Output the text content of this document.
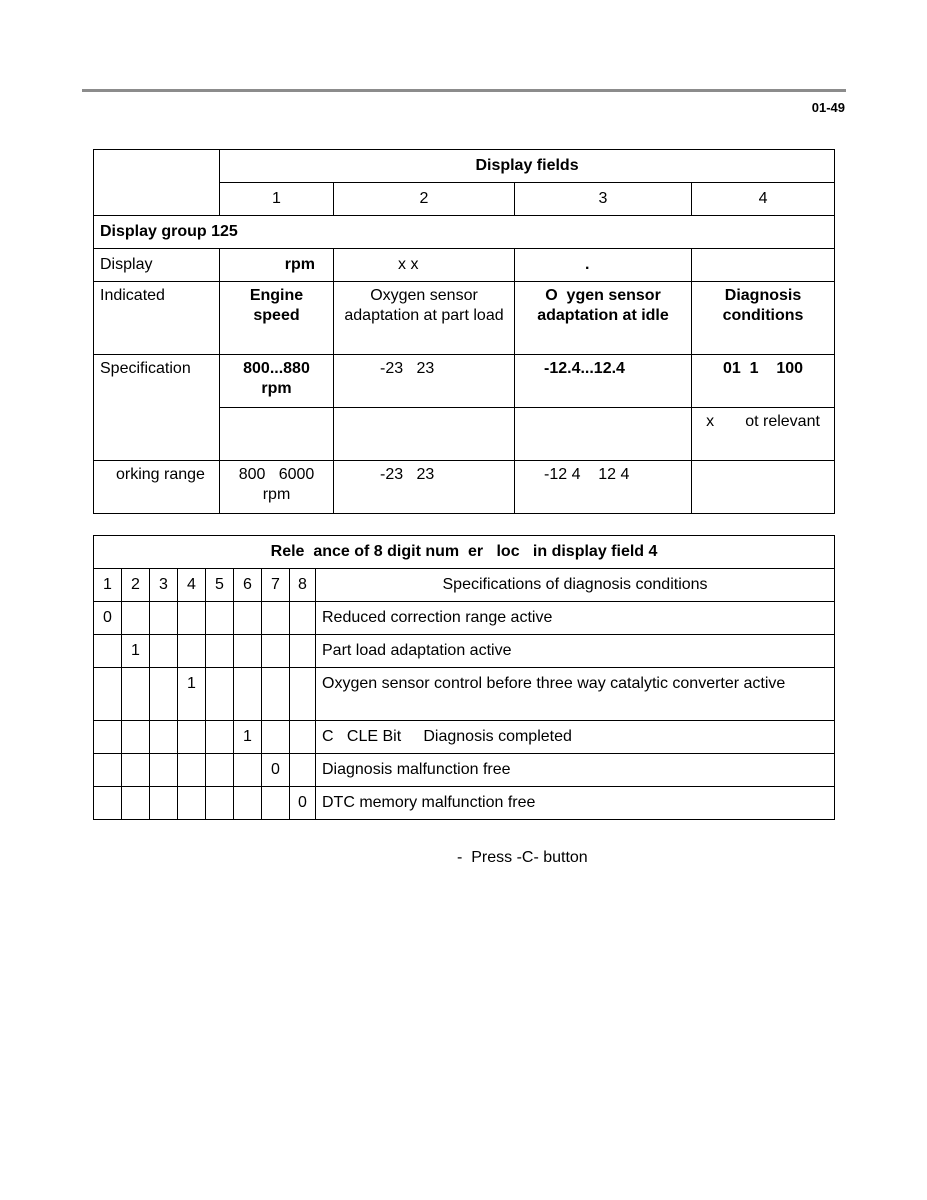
01-49
	Display fields			
	1	2	3	4
Display group 125				
Display	rpm	x x	.	
Indicated	Engine speed	Oxygen sensor adaptation at part load	O  ygen sensor adaptation at idle	Diagnosis conditions
Specification	800...880 rpm	-23   23	-12.4...12.4	01  1    100
				x       ot relevant
orking range	800   6000 rpm	-23   23	-12 4    12 4	
Rele  ance of 8 digit num  er   loc   in display field 4								
1	2	3	4	5	6	7	8	Specifications of diagnosis conditions
0								Reduced correction range active
	1							Part load adaptation active
			1					Oxygen sensor control before three way catalytic converter active
					1			C   CLE Bit     Diagnosis completed
						0		Diagnosis malfunction free
							0	DTC memory malfunction free
-  Press -C- button
